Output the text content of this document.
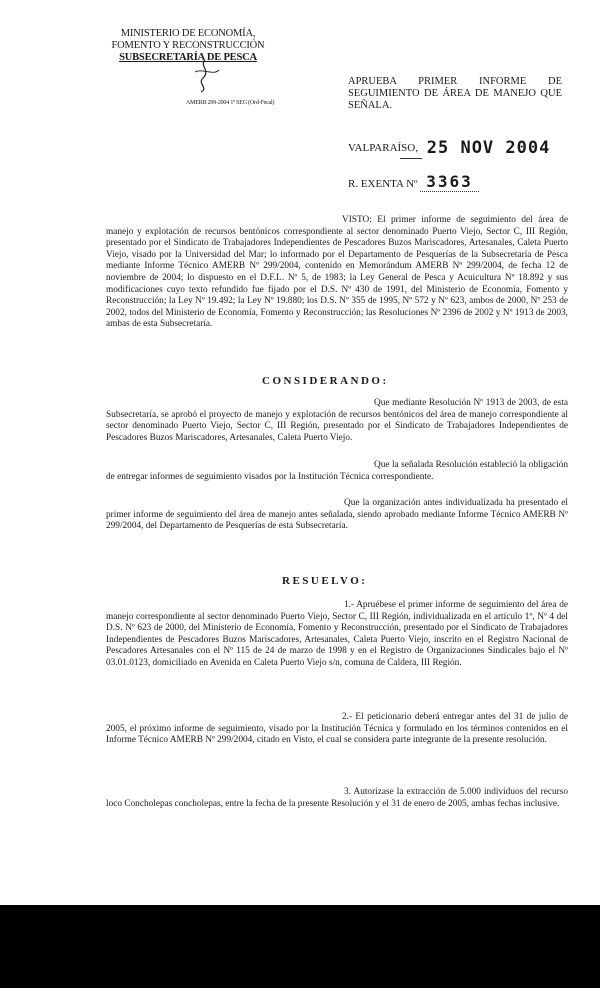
MINISTERIO DE ECONOMÍA,
FOMENTO Y RECONSTRUCCIÓN
SUBSECRETARÍA DE PESCA
AMERB 299-2004 1º SEG (Ord-Fecal)
APRUEBA PRIMER INFORME DE SEGUIMIENTO DE ÁREA DE MANEJO QUE SEÑALA.
VALPARAÍSO, 25 NOV 2004
R. EXENTA Nº 3363
VISTO: El primer informe de seguimiento del área de manejo y explotación de recursos bentónicos correspondiente al sector denominado Puerto Viejo, Sector C, III Región, presentado por el Sindicato de Trabajadores Independientes de Pescadores Buzos Mariscadores, Artesanales, Caleta Puerto Viejo, visado por la Universidad del Mar; lo informado por el Departamento de Pesquerías de la Subsecretaría de Pesca mediante Informe Técnico AMERB Nº 299/2004, contenido en Memorándum AMERB Nº 299/2004, de fecha 12 de noviembre de 2004; lo dispuesto en el D.F.L. Nº 5, de 1983; la Ley General de Pesca y Acuicultura Nº 18.892 y sus modificaciones cuyo texto refundido fue fijado por el D.S. Nº 430 de 1991, del Ministerio de Economía, Fomento y Reconstrucción; la Ley Nº 19.492; la Ley Nº 19.880; los D.S. Nº 355 de 1995, Nº 572 y Nº 623, ambos de 2000, Nº 253 de 2002, todos del Ministerio de Economía, Fomento y Reconstrucción; las Resoluciones Nº 2396 de 2002 y Nº 1913 de 2003, ambas de esta Subsecretaría.
CONSIDERANDO:
Que mediante Resolución Nº 1913 de 2003, de esta Subsecretaría, se aprobó el proyecto de manejo y explotación de recursos bentónicos del área de manejo correspondiente al sector denominado Puerto Viejo, Sector C, III Región, presentado por el Sindicato de Trabajadores Independientes de Pescadores Buzos Mariscadores, Artesanales, Caleta Puerto Viejo.
Que la señalada Resolución estableció la obligación de entregar informes de seguimiento visados por la Institución Técnica correspondiente.
Que la organización antes individualizada ha presentado el primer informe de seguimiento del área de manejo antes señalada, siendo aprobado mediante Informe Técnico AMERB Nº 299/2004, del Departamento de Pesquerías de esta Subsecretaría.
RESUELVO:
1.- Apruébese el primer informe de seguimiento del área de manejo correspondiente al sector denominado Puerto Viejo, Sector C, III Región, individualizada en el artículo 1º, Nº 4 del D.S. Nº 623 de 2000, del Ministerio de Economía, Fomento y Reconstrucción, presentado por el Sindicato de Trabajadores Independientes de Pescadores Buzos Mariscadores, Artesanales, Caleta Puerto Viejo, inscrito en el Registro Nacional de Pescadores Artesanales con el Nº 115 de 24 de marzo de 1998 y en el Registro de Organizaciones Sindicales bajo el Nº 03.01.0123, domiciliado en Avenida en Caleta Puerto Viejo s/n, comuna de Caldera, III Región.
2.- El peticionario deberá entregar antes del 31 de julio de 2005, el próximo informe de seguimiento, visado por la Institución Técnica y formulado en los términos contenidos en el Informe Técnico AMERB Nº 299/2004, citado en Visto, el cual se considera parte integrante de la presente resolución.
3. Autorízase la extracción de 5.000 individuos del recurso loco Concholepas concholepas, entre la fecha de la presente Resolución y el 31 de enero de 2005, ambas fechas inclusive.
